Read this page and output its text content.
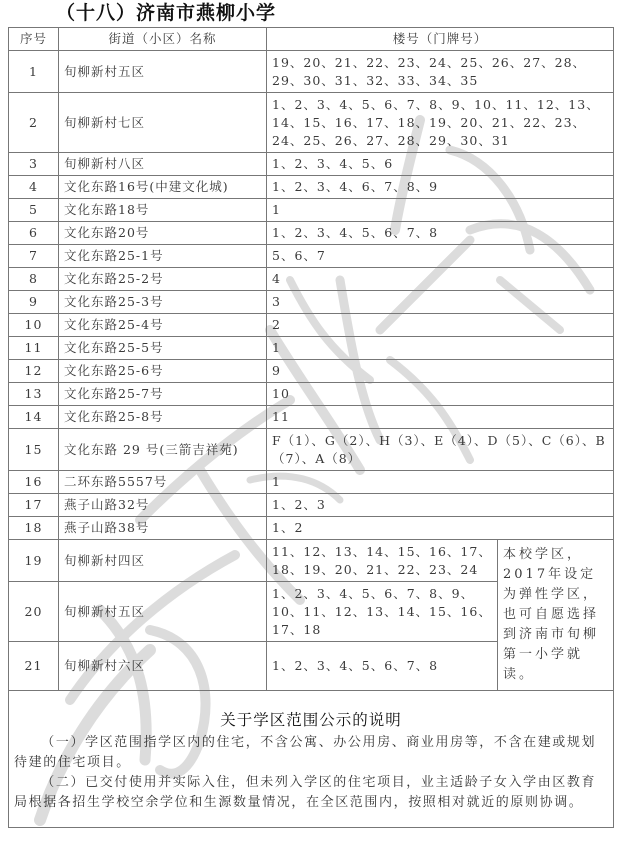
（十八）济南市燕柳小学
序号	街道（小区）名称	楼号（门牌号）	
1	旬柳新村五区	19、20、21、22、23、24、25、26、27、28、29、30、31、32、33、34、35	
2	旬柳新村七区	1、2、3、4、5、6、7、8、9、10、11、12、13、14、15、16、17、18、19、20、21、22、23、24、25、26、27、28、29、30、31	
3	旬柳新村八区	1、2、3、4、5、6	
4	文化东路16号(中建文化城)	1、2、3、4、6、7、8、9	
5	文化东路18号	1	
6	文化东路20号	1、2、3、4、5、6、7、8	
7	文化东路25-1号	5、6、7	
8	文化东路25-2号	4	
9	文化东路25-3号	3	
10	文化东路25-4号	2	
11	文化东路25-5号	1	
12	文化东路25-6号	9	
13	文化东路25-7号	10	
14	文化东路25-8号	11	
15	文化东路 29 号(三箭吉祥苑)	F（1）、G（2）、H（3）、E（4）、D（5）、C（6）、B（7）、A（8）	
16	二环东路5557号	1	
17	燕子山路32号	1、2、3	
18	燕子山路38号	1、2	
19	旬柳新村四区	11、12、13、14、15、16、17、18、19、20、21、22、23、24	本校学区，2017年设定为弹性学区，也可自愿选择到济南市旬柳第一小学就读。
20	旬柳新村五区	1、2、3、4、5、6、7、8、9、10、11、12、13、14、15、16、17、18	
21	旬柳新村六区	1、2、3、4、5、6、7、8	

关于学区范围公示的说明

（一）学区范围指学区内的住宅，不含公寓、办公用房、商业用房等，不含在建或规划待建的住宅项目。

（二）已交付使用并实际入住，但未列入学区的住宅项目，业主适龄子女入学由区教育局根据各招生学校空余学位和生源数量情况，在全区范围内，按照相对就近的原则协调。			
